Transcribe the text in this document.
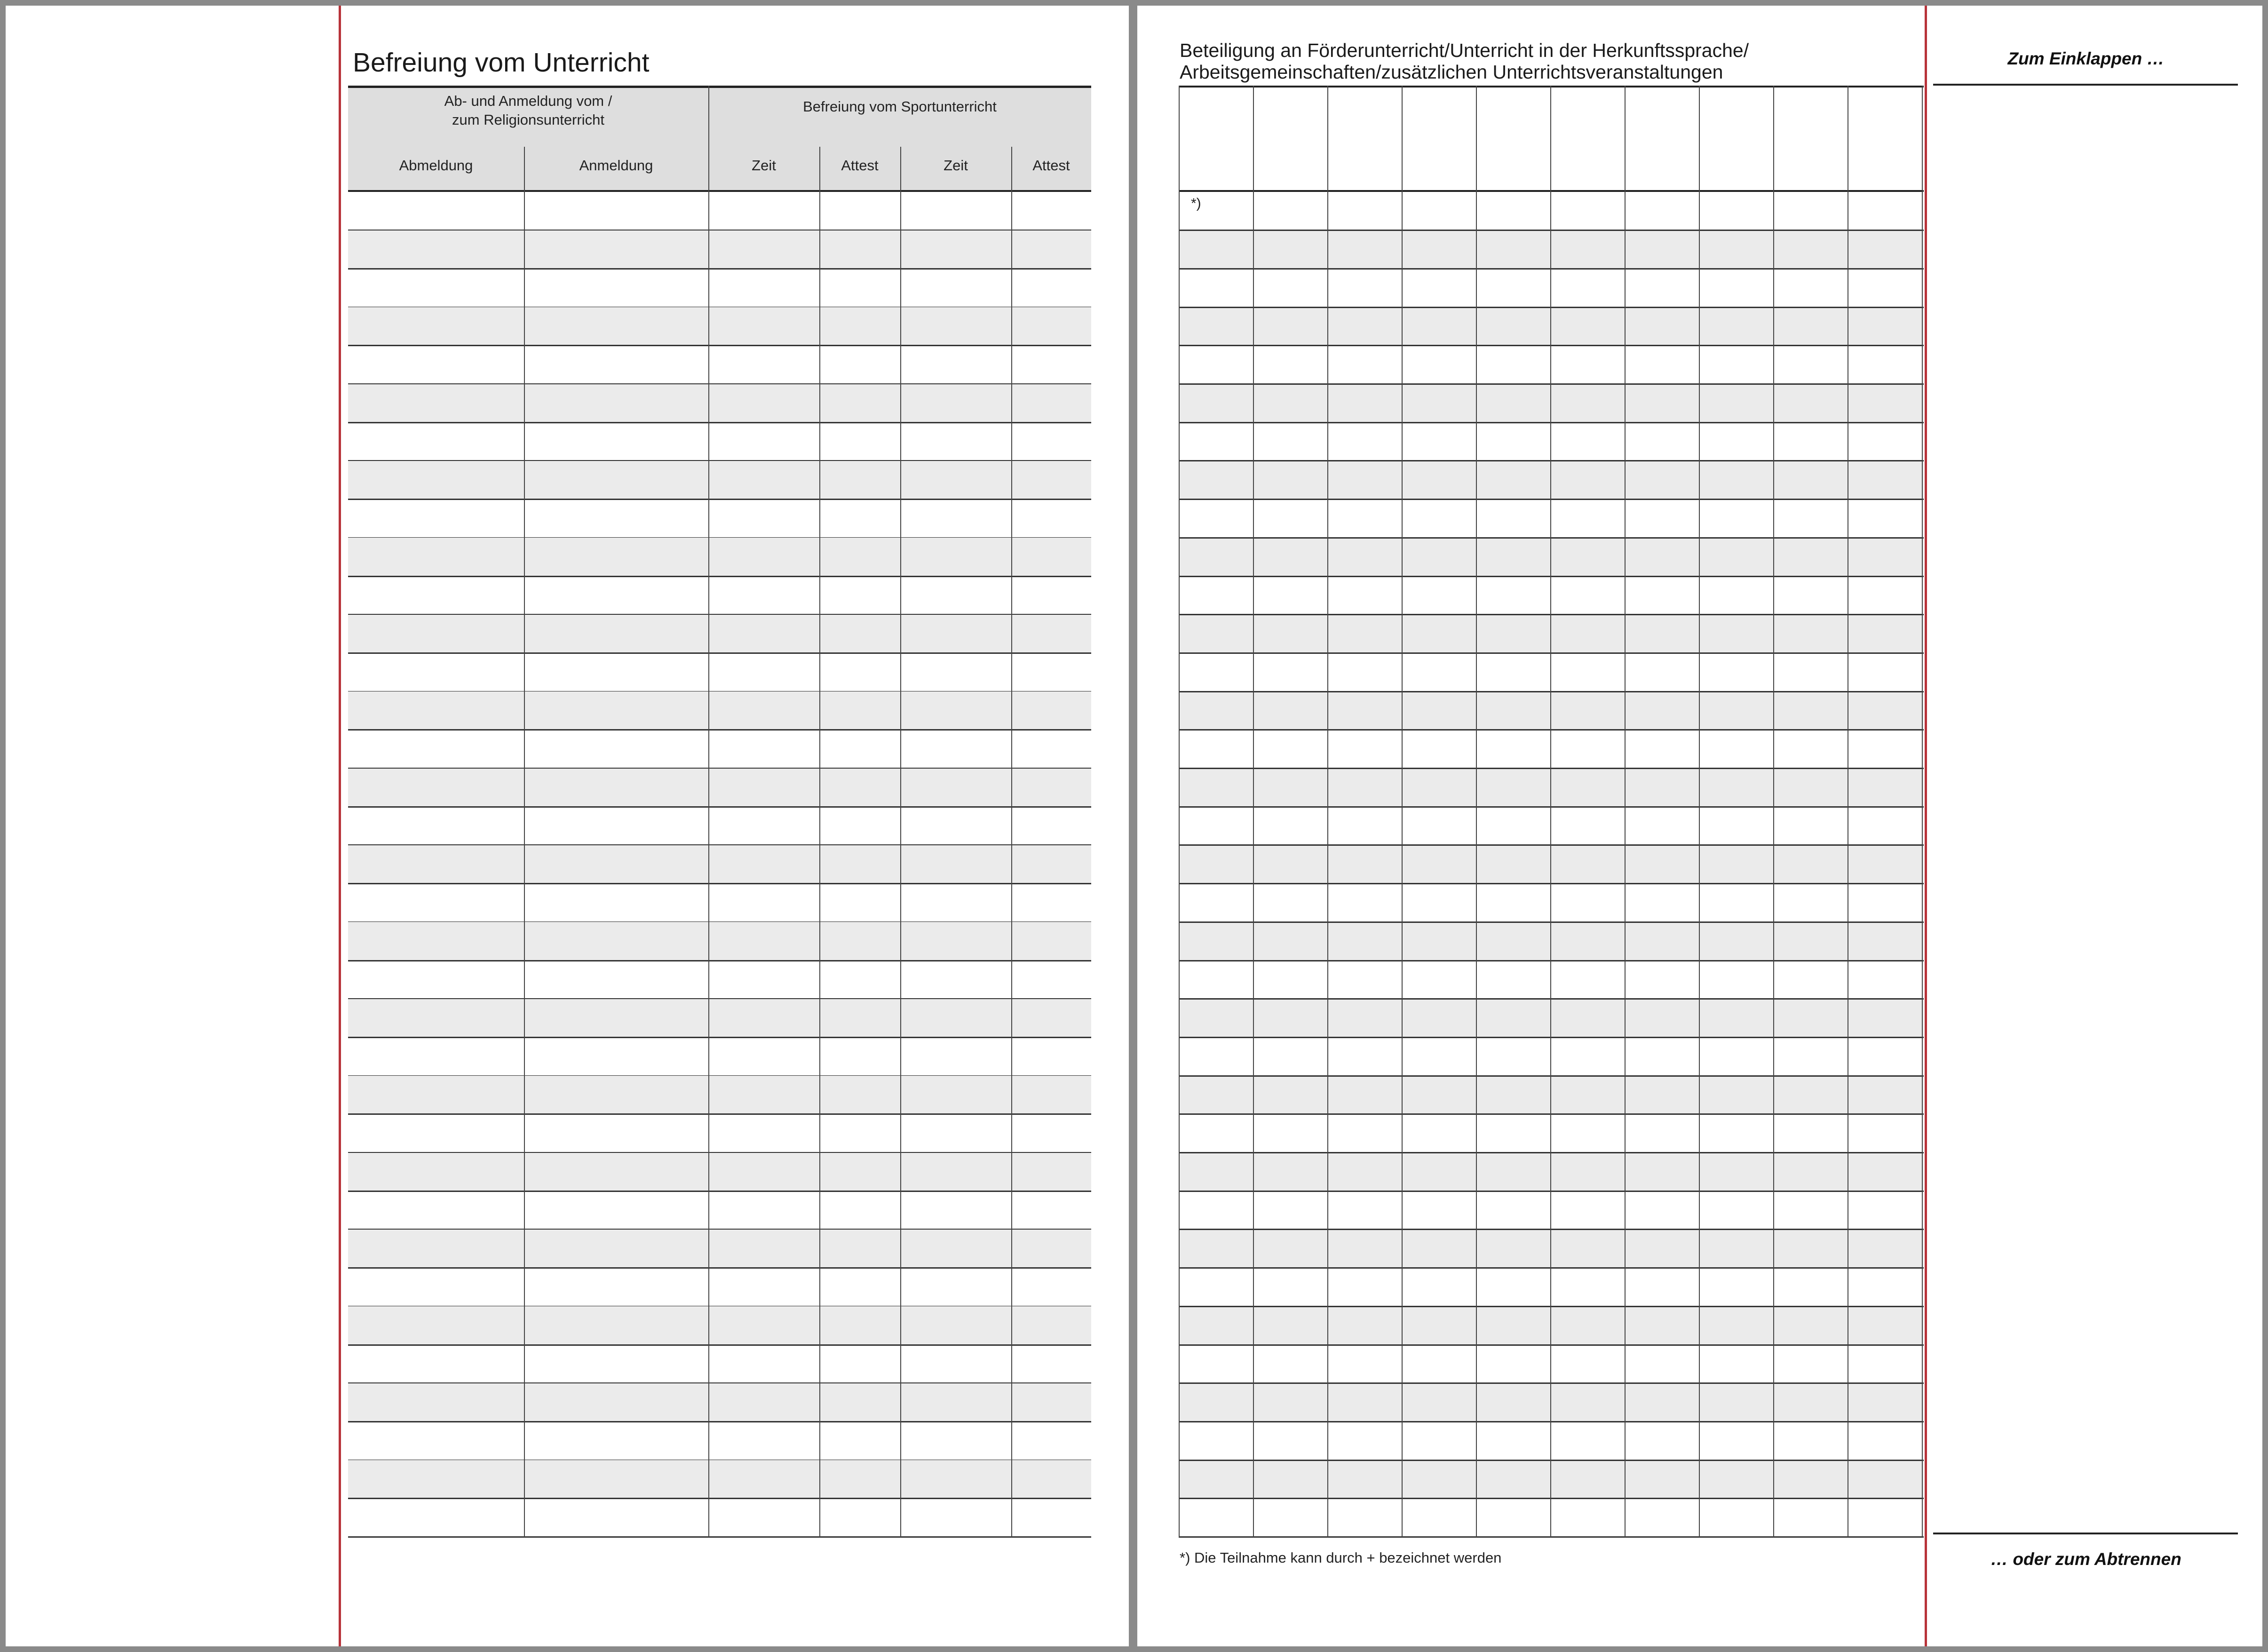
Befreiung vom Unterricht
Ab- und Anmeldung vom /
zum Religionsunterricht
Befreiung vom Sportunterricht
Abmeldung	Anmeldung	Zeit	Attest	Zeit	Attest
Beteiligung an Förderunterricht/Unterricht in der Herkunftssprache/
Arbeitsgemeinschaften/zusätzlichen Unterrichtsveranstaltungen
*)
*) Die Teilnahme kann durch + bezeichnet werden
Zum Einklappen …
… oder zum Abtrennen
